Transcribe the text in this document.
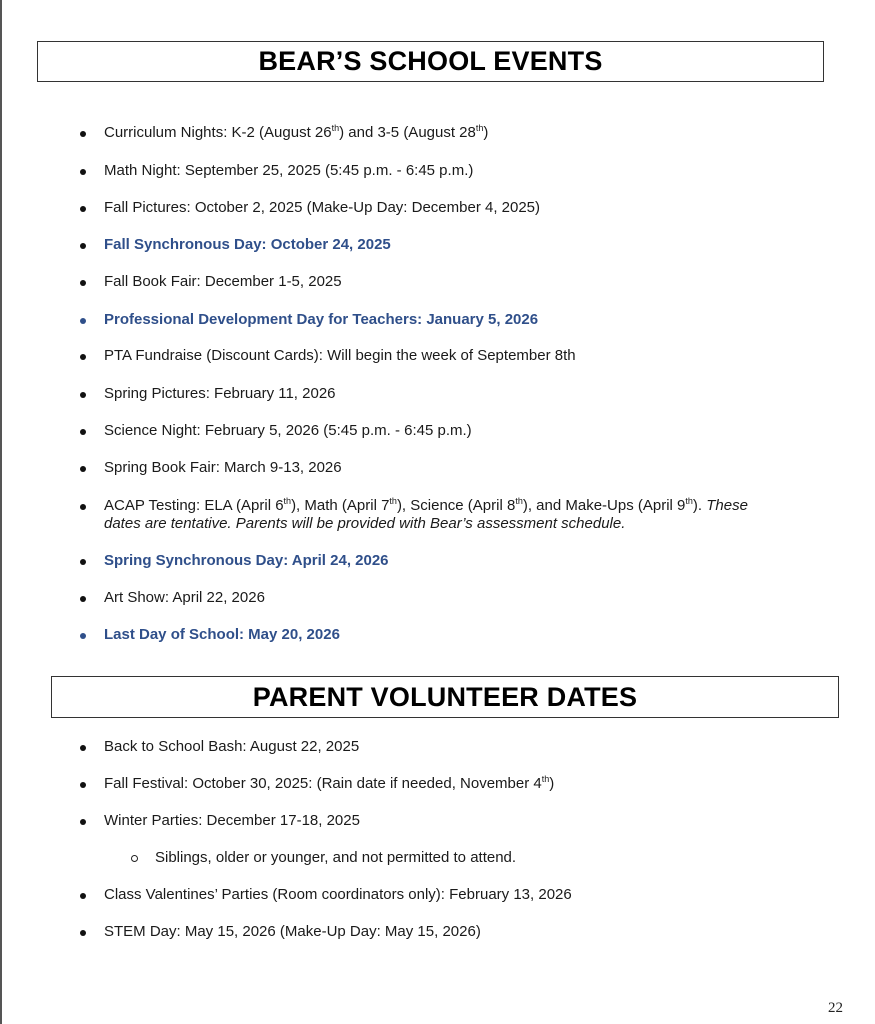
BEAR’S SCHOOL EVENTS
Curriculum Nights: K-2 (August 26th) and 3-5 (August 28th)
Math Night: September 25, 2025 (5:45 p.m. - 6:45 p.m.)
Fall Pictures: October 2, 2025 (Make-Up Day: December 4, 2025)
Fall Synchronous Day: October 24, 2025
Fall Book Fair: December 1-5, 2025
Professional Development Day for Teachers: January 5, 2026
PTA Fundraise (Discount Cards): Will begin the week of September 8th
Spring Pictures: February 11, 2026
Science Night: February 5, 2026 (5:45 p.m. - 6:45 p.m.)
Spring Book Fair: March 9-13, 2026
ACAP Testing: ELA (April 6th), Math (April 7th), Science (April 8th), and Make-Ups (April 9th). These
dates are tentative. Parents will be provided with Bear’s assessment schedule.
Spring Synchronous Day: April 24, 2026
Art Show: April 22, 2026
Last Day of School: May 20, 2026
PARENT VOLUNTEER DATES
Back to School Bash: August 22, 2025
Fall Festival: October 30, 2025: (Rain date if needed, November 4th)
Winter Parties: December 17-18, 2025
Siblings, older or younger, and not permitted to attend.
Class Valentines’ Parties (Room coordinators only): February 13, 2026
STEM Day: May 15, 2026 (Make-Up Day: May 15, 2026)
22
